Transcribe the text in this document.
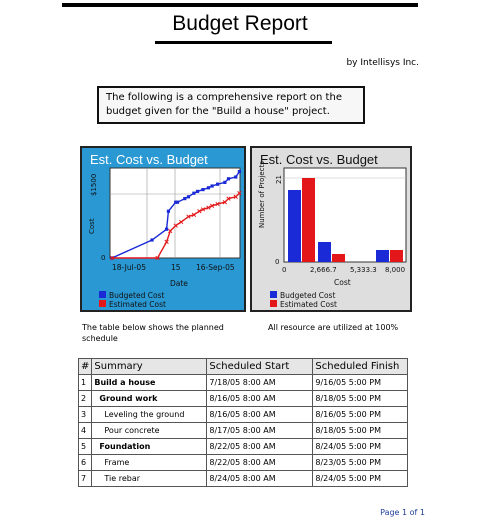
Budget Report
by Intellisys Inc.
The following is a comprehensive report on the budget given for the "Build a house" project.
Est. Cost vs. Budget
$1500
0
Cost
18-Jul-05	15 16-Sep-05
Date
Budgeted Cost
Estimated Cost
Est. Cost vs. Budget
21
0
Number of Projects
0	2,666.7 5,333.3 8,000
Cost
Budgeted Cost
Estimated Cost
The table below shows the planned schedule
All resource are utilized at 100%
#	Summary	Scheduled Start	Scheduled Finish
1	Build a house	7/18/05 8:00 AM	9/16/05 5:00 PM
2	Ground work	8/16/05 8:00 AM	8/18/05 5:00 PM
3	Leveling the ground	8/16/05 8:00 AM	8/16/05 5:00 PM
4	Pour concrete	8/17/05 8:00 AM	8/18/05 5:00 PM
5	Foundation	8/22/05 8:00 AM	8/24/05 5:00 PM
6	Frame	8/22/05 8:00 AM	8/23/05 5:00 PM
7	Tie rebar	8/24/05 8:00 AM	8/24/05 5:00 PM
Page 1 of 1
